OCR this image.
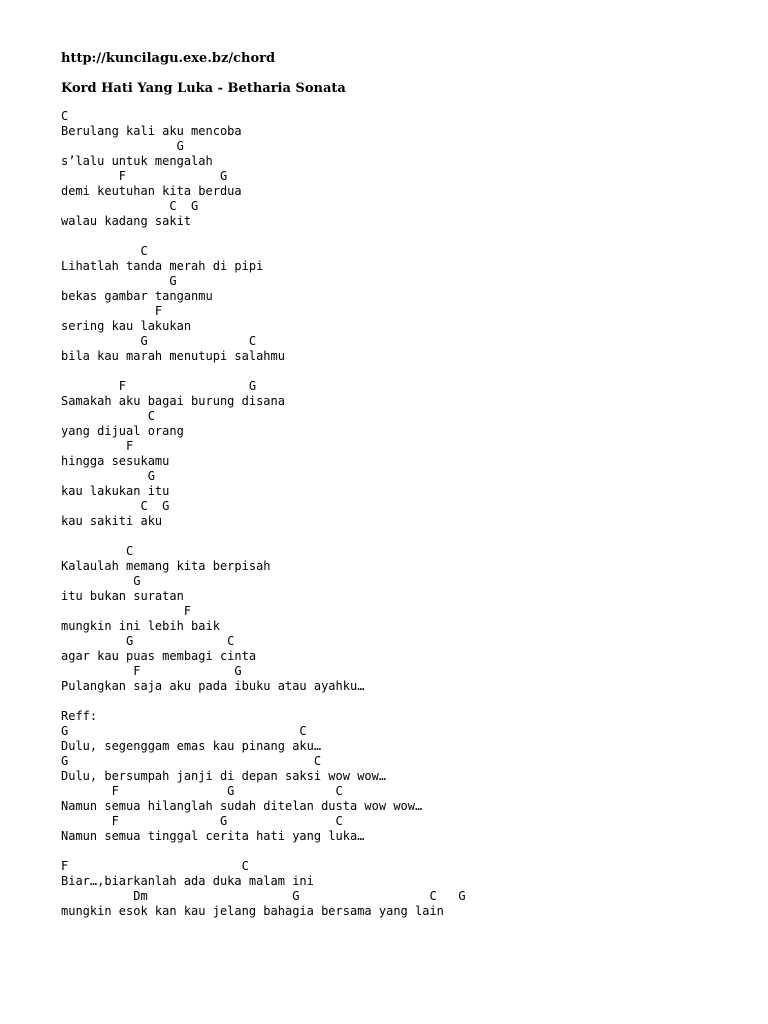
http://kuncilagu.exe.bz/chord
Kord Hati Yang Luka - Betharia Sonata
C
Berulang kali aku mencoba
G
s’lalu untuk mengalah
F             G
demi keutuhan kita berdua
C  G
walau kadang sakit
C
Lihatlah tanda merah di pipi
G
bekas gambar tanganmu
F
sering kau lakukan
G              C
bila kau marah menutupi salahmu
F                 G
Samakah aku bagai burung disana
C
yang dijual orang
F
hingga sesukamu
G
kau lakukan itu
C  G
kau sakiti aku
C
Kalaulah memang kita berpisah
G
itu bukan suratan
F
mungkin ini lebih baik
G             C
agar kau puas membagi cinta
F             G
Pulangkan saja aku pada ibuku atau ayahku…
Reff:
G                                C
Dulu, segenggam emas kau pinang aku…
G                                  C
Dulu, bersumpah janji di depan saksi wow wow…
F               G              C
Namun semua hilanglah sudah ditelan dusta wow wow…
F              G               C
Namun semua tinggal cerita hati yang luka…
F                        C
Biar…,biarkanlah ada duka malam ini
Dm                    G                  C   G
mungkin esok kan kau jelang bahagia bersama yang lain
